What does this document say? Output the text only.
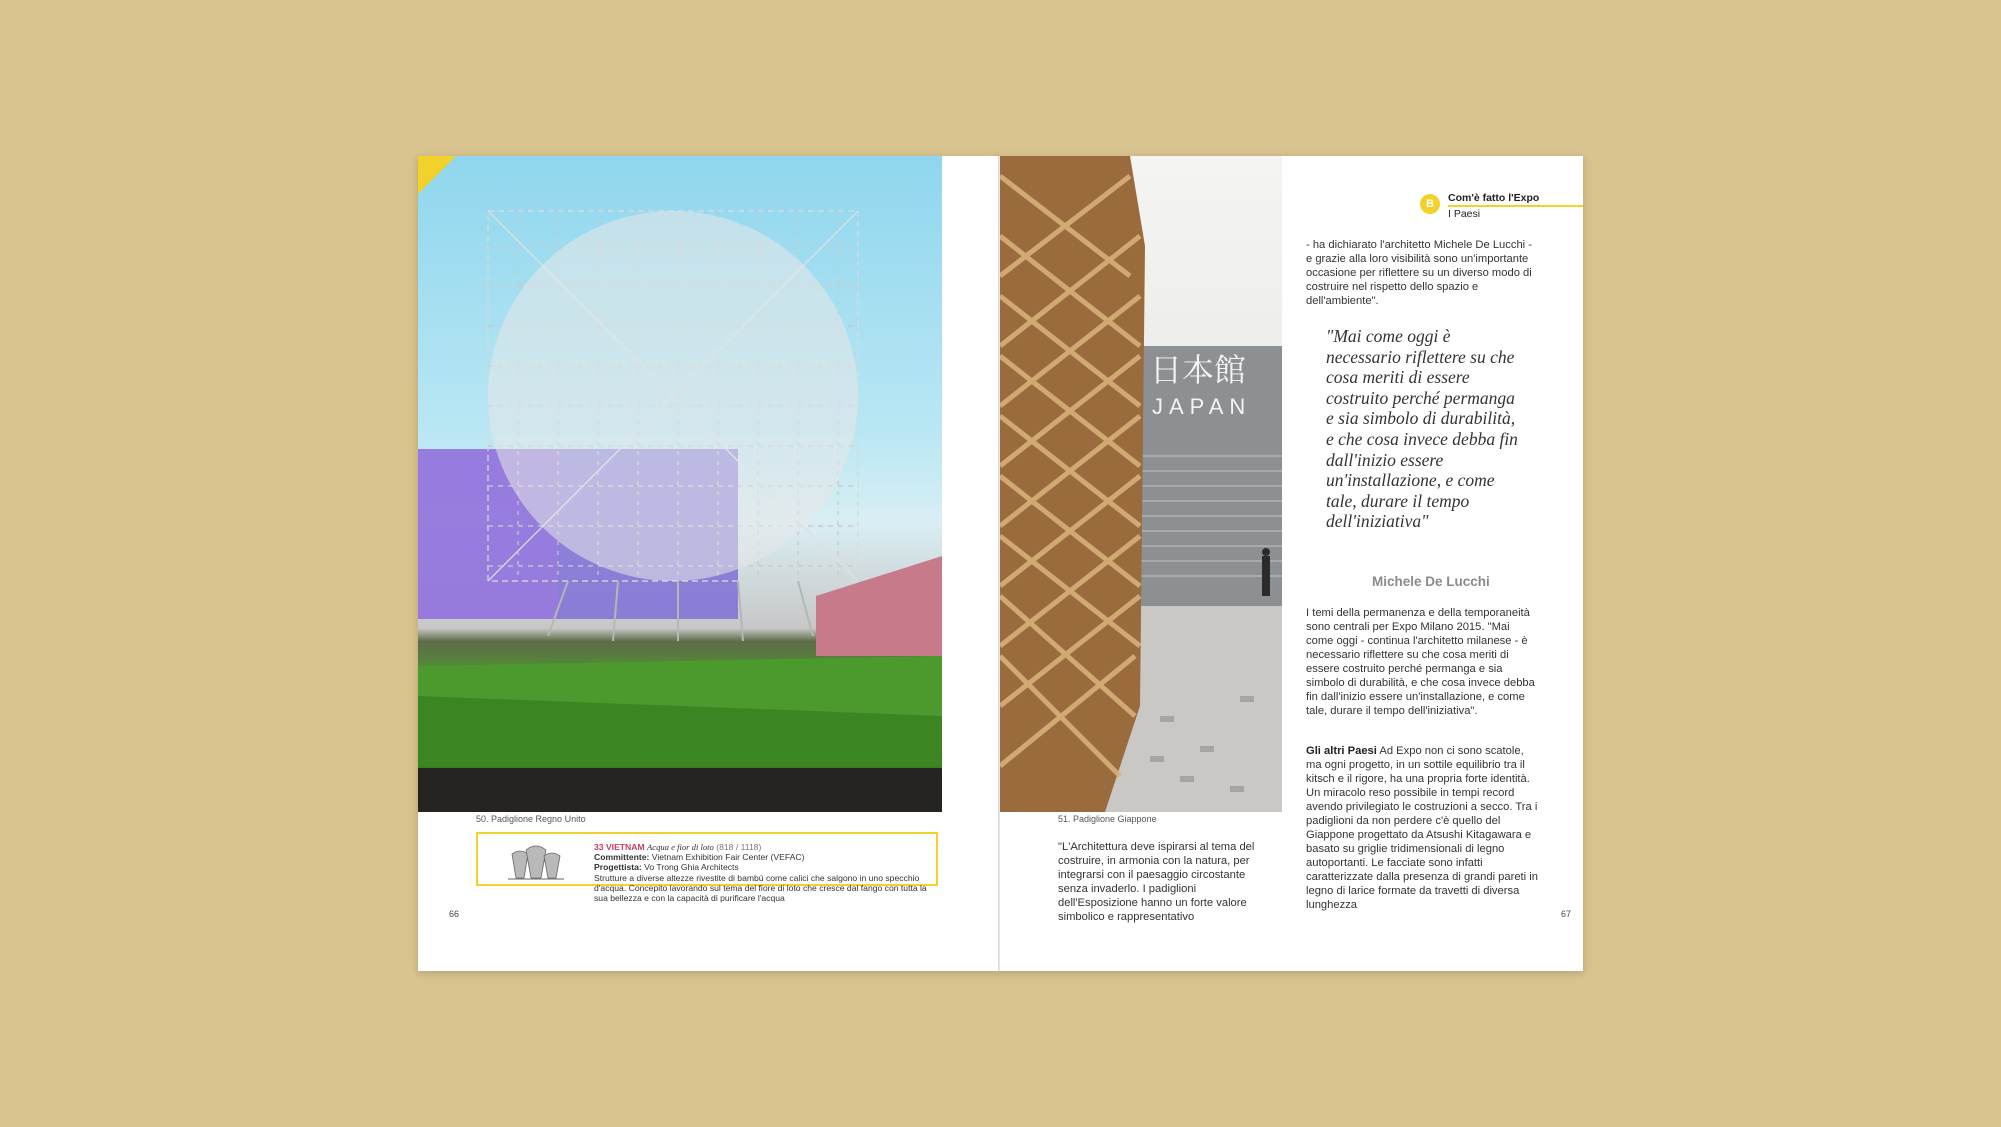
50. Padiglione Regno Unito
33 VIETNAM Acqua e fior di loto (818 / 1118)
Committente: Vietnam Exhibition Fair Center (VEFAC)
Progettista: Vo Trong Ghia Architects
Strutture a diverse altezze rivestite di bambù come calici che salgono in uno specchio d'acqua. Concepito lavorando sul tema del fiore di loto che cresce dal fango con tutta la sua bellezza e con la capacità di purificare l'acqua
66
日本館
JAPAN
51. Padiglione Giappone
B	Com'è fatto l'Expo
I Paesi
- ha dichiarato l'architetto Michele De Lucchi - e grazie alla loro visibilità sono un'importante occasione per riflettere su un diverso modo di costruire nel rispetto dello spazio e dell'ambiente".
"Mai come oggi è necessario riflettere su che cosa meriti di essere costruito perché permanga e sia simbolo di durabilità, e che cosa invece debba fin dall'inizio essere un'installazione, e come tale, durare il tempo dell'iniziativa"
Michele De Lucchi
I temi della permanenza e della temporaneità sono centrali per Expo Milano 2015. "Mai come oggi - continua l'architetto milanese - è necessario riflettere su che cosa meriti di essere costruito perché permanga e sia simbolo di durabilità, e che cosa invece debba fin dall'inizio essere un'installazione, e come tale, durare il tempo dell'iniziativa".
Gli altri Paesi Ad Expo non ci sono scatole, ma ogni progetto, in un sottile equilibrio tra il kitsch e il rigore, ha una propria forte identità. Un miracolo reso possibile in tempi record avendo privilegiato le costruzioni a secco. Tra i padiglioni da non perdere c'è quello del Giappone progettato da Atsushi Kitagawara e basato su griglie tridimensionali di legno autoportanti. Le facciate sono infatti caratterizzate dalla presenza di grandi pareti in legno di larice formate da travetti di diversa lunghezza
"L'Architettura deve ispirarsi al tema del costruire, in armonia con la natura, per integrarsi con il paesaggio circostante senza invaderlo. I padiglioni dell'Esposizione hanno un forte valore simbolico e rappresentativo	67
